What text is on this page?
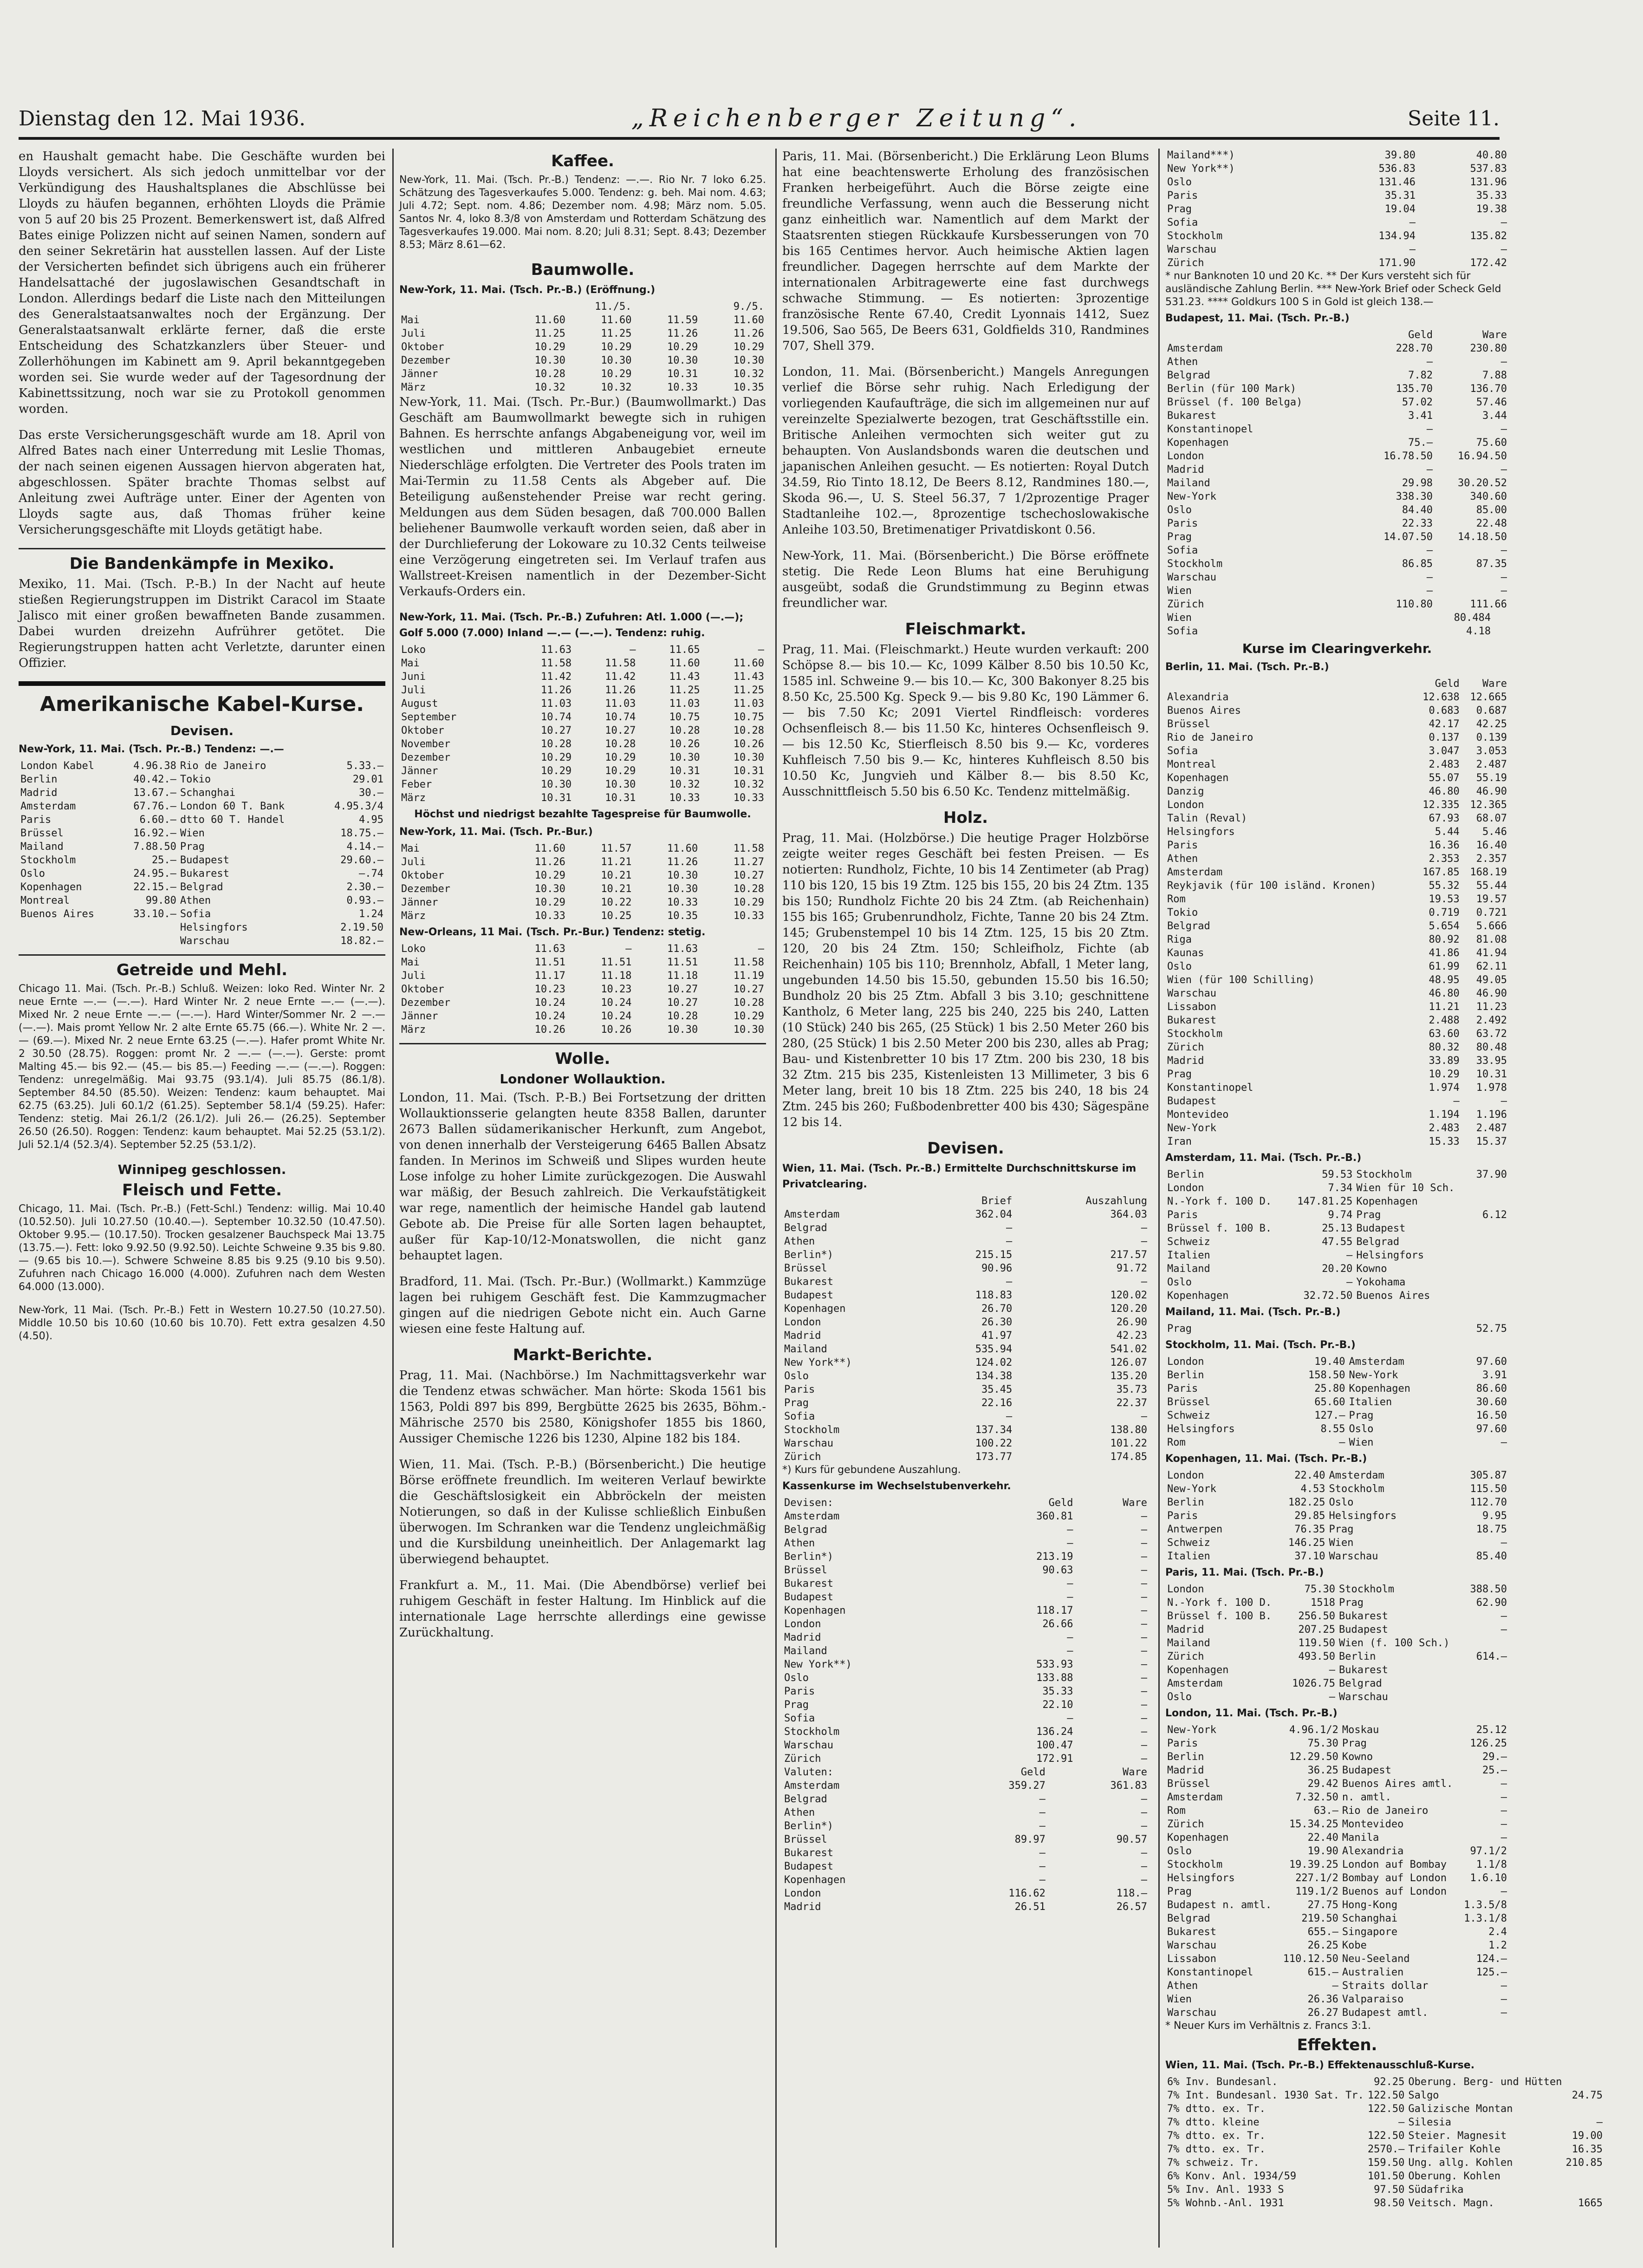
Dienstag den 12. Mai 1936.	„Reichenberger Zeitung“.	Seite 11.
en Haushalt gemacht habe. Die Geschäfte wurden bei Lloyds versichert. Als sich jedoch unmittelbar vor der Verkündigung des Haushaltsplanes die Abschlüsse bei Lloyds zu häufen begannen, erhöhten Lloyds die Prämie von 5 auf 20 bis 25 Prozent. Bemerkenswert ist, daß Alfred Bates einige Polizzen nicht auf seinen Namen, sondern auf den seiner Sekretärin hat ausstellen lassen. Auf der Liste der Versicherten befindet sich übrigens auch ein früherer Handelsattaché der jugoslawischen Gesandtschaft in London. Allerdings bedarf die Liste nach den Mitteilungen des Generalstaatsanwaltes noch der Ergänzung. Der Generalstaatsanwalt erklärte ferner, daß die erste Entscheidung des Schatzkanzlers über Steuer- und Zollerhöhungen im Kabinett am 9. April bekanntgegeben worden sei. Sie wurde weder auf der Tagesordnung der Kabinettssitzung, noch war sie zu Protokoll genommen worden.
Das erste Versicherungsgeschäft wurde am 18. April von Alfred Bates nach einer Unterredung mit Leslie Thomas, der nach seinen eigenen Aussagen hiervon abgeraten hat, abgeschlossen. Später brachte Thomas selbst auf Anleitung zwei Aufträge unter. Einer der Agenten von Lloyds sagte aus, daß Thomas früher keine Versicherungsgeschäfte mit Lloyds getätigt habe.
Die Bandenkämpfe in Mexiko.
Mexiko, 11. Mai. (Tsch. P.-B.) In der Nacht auf heute stießen Regierungstruppen im Distrikt Caracol im Staate Jalisco mit einer großen bewaffneten Bande zusammen. Dabei wurden dreizehn Aufrührer getötet. Die Regierungstruppen hatten acht Verletzte, darunter einen Offizier.
Amerikanische Kabel-Kurse.
Devisen.
New-York, 11. Mai. (Tsch. Pr.-B.) Tendenz: —.—
London Kabel	4.96.38	Rio de Janeiro	5.33.—
Berlin	40.42.—	Tokio	29.01
Madrid	13.67.—	Schanghai	30.—
Amsterdam	67.76.—	London 60 T. Bank	4.95.3/4
Paris	6.60.—	dtto 60 T. Handel	4.95
Brüssel	16.92.—	Wien	18.75.—
Mailand	7.88.50	Prag	4.14.—
Stockholm	25.—	Budapest	29.60.—
Oslo	24.95.—	Bukarest	—.74
Kopenhagen	22.15.—	Belgrad	2.30.—
Montreal	99.80	Athen	0.93.—
Buenos Aires	33.10.—	Sofia	1.24
		Helsingfors	2.19.50
		Warschau	18.82.—
Getreide und Mehl.
Chicago 11. Mai. (Tsch. Pr.-B.) Schluß. Weizen: loko Red. Winter Nr. 2 neue Ernte —.— (—.—). Hard Winter Nr. 2 neue Ernte —.— (—.—). Mixed Nr. 2 neue Ernte —.— (—.—). Hard Winter/Sommer Nr. 2 —.— (—.—). Mais promt Yellow Nr. 2 alte Ernte 65.75 (66.—). White Nr. 2 —.— (69.—). Mixed Nr. 2 neue Ernte 63.25 (—.—). Hafer promt White Nr. 2 30.50 (28.75). Roggen: promt Nr. 2 —.— (—.—). Gerste: promt Malting 45.— bis 92.— (45.— bis 85.—) Feeding —.— (—.—). Roggen: Tendenz: unregelmäßig. Mai 93.75 (93.1/4). Juli 85.75 (86.1/8). September 84.50 (85.50). Weizen: Tendenz: kaum behauptet. Mai 62.75 (63.25). Juli 60.1/2 (61.25). September 58.1/4 (59.25). Hafer: Tendenz: stetig. Mai 26.1/2 (26.1/2). Juli 26.— (26.25). September 26.50 (26.50). Roggen: Tendenz: kaum behauptet. Mai 52.25 (53.1/2). Juli 52.1/4 (52.3/4). September 52.25 (53.1/2).
Winnipeg geschlossen.
Fleisch und Fette.
Chicago, 11. Mai. (Tsch. Pr.-B.) (Fett-Schl.) Tendenz: willig. Mai 10.40 (10.52.50). Juli 10.27.50 (10.40.—). September 10.32.50 (10.47.50). Oktober 9.95.— (10.17.50). Trocken gesalzener Bauchspeck Mai 13.75 (13.75.—). Fett: loko 9.92.50 (9.92.50). Leichte Schweine 9.35 bis 9.80.— (9.65 bis 10.—). Schwere Schweine 8.85 bis 9.25 (9.10 bis 9.50). Zufuhren nach Chicago 16.000 (4.000). Zufuhren nach dem Westen 64.000 (13.000).
New-York, 11 Mai. (Tsch. Pr.-B.) Fett in Western 10.27.50 (10.27.50). Middle 10.50 bis 10.60 (10.60 bis 10.70). Fett extra gesalzen 4.50 (4.50).
Kaffee.
New-York, 11. Mai. (Tsch. Pr.-B.) Tendenz: —.—. Rio Nr. 7 loko 6.25. Schätzung des Tagesverkaufes 5.000. Tendenz: g. beh. Mai nom. 4.63; Juli 4.72; Sept. nom. 4.86; Dezember nom. 4.98; März nom. 5.05. Santos Nr. 4, loko 8.3/8 von Amsterdam und Rotterdam Schätzung des Tagesverkaufes 19.000. Mai nom. 8.20; Juli 8.31; Sept. 8.43; Dezember 8.53; März 8.61—62.
Baumwolle.
New-York, 11. Mai. (Tsch. Pr.-B.) (Eröffnung.)
	11./5.		9./5.	
Mai	11.60	11.60	11.59	11.60
Juli	11.25	11.25	11.26	11.26
Oktober	10.29	10.29	10.29	10.29
Dezember	10.30	10.30	10.30	10.30
Jänner	10.28	10.29	10.31	10.32
März	10.32	10.32	10.33	10.35
New-York, 11. Mai. (Tsch. Pr.-Bur.) (Baumwollmarkt.) Das Geschäft am Baumwollmarkt bewegte sich in ruhigen Bahnen. Es herrschte anfangs Abgabeneigung vor, weil im westlichen und mittleren Anbaugebiet erneute Niederschläge erfolgten. Die Vertreter des Pools traten im Mai-Termin zu 11.58 Cents als Abgeber auf. Die Beteiligung außenstehender Preise war recht gering. Meldungen aus dem Süden besagen, daß 700.000 Ballen beliehener Baumwolle verkauft worden seien, daß aber in der Durchlieferung der Lokoware zu 10.32 Cents teilweise eine Verzögerung eingetreten sei. Im Verlauf trafen aus Wallstreet-Kreisen namentlich in der Dezember-Sicht Verkaufs-Orders ein.
New-York, 11. Mai. (Tsch. Pr.-B.) Zufuhren: Atl. 1.000 (—.—); Golf 5.000 (7.000) Inland —.— (—.—). Tendenz: ruhig.
Loko	11.63	—	11.65	—
Mai	11.58	11.58	11.60	11.60
Juni	11.42	11.42	11.43	11.43
Juli	11.26	11.26	11.25	11.25
August	11.03	11.03	11.03	11.03
September	10.74	10.74	10.75	10.75
Oktober	10.27	10.27	10.28	10.28
November	10.28	10.28	10.26	10.26
Dezember	10.29	10.29	10.30	10.30
Jänner	10.29	10.29	10.31	10.31
Feber	10.30	10.30	10.32	10.32
März	10.31	10.31	10.33	10.33
Höchst und niedrigst bezahlte Tagespreise für Baumwolle.
New-York, 11. Mai. (Tsch. Pr.-Bur.)
Mai	11.60	11.57	11.60	11.58
Juli	11.26	11.21	11.26	11.27
Oktober	10.29	10.21	10.30	10.27
Dezember	10.30	10.21	10.30	10.28
Jänner	10.29	10.22	10.33	10.29
März	10.33	10.25	10.35	10.33
New-Orleans, 11 Mai. (Tsch. Pr.-Bur.) Tendenz: stetig.
Loko	11.63	—	11.63	—
Mai	11.51	11.51	11.51	11.58
Juli	11.17	11.18	11.18	11.19
Oktober	10.23	10.23	10.27	10.27
Dezember	10.24	10.24	10.27	10.28
Jänner	10.24	10.24	10.28	10.29
März	10.26	10.26	10.30	10.30
Wolle.
Londoner Wollauktion.
London, 11. Mai. (Tsch. P.-B.) Bei Fortsetzung der dritten Wollauktionsserie gelangten heute 8358 Ballen, darunter 2673 Ballen südamerikanischer Herkunft, zum Angebot, von denen innerhalb der Versteigerung 6465 Ballen Absatz fanden. In Merinos im Schweiß und Slipes wurden heute Lose infolge zu hoher Limite zurückgezogen. Die Auswahl war mäßig, der Besuch zahlreich. Die Verkaufstätigkeit war rege, namentlich der heimische Handel gab lautend Gebote ab. Die Preise für alle Sorten lagen behauptet, außer für Kap-10/12-Monatswollen, die nicht ganz behauptet lagen.
Bradford, 11. Mai. (Tsch. Pr.-Bur.) (Wollmarkt.) Kammzüge lagen bei ruhigem Geschäft fest. Die Kammzugmacher gingen auf die niedrigen Gebote nicht ein. Auch Garne wiesen eine feste Haltung auf.
Markt-Berichte.
Prag, 11. Mai. (Nachbörse.) Im Nachmittagsverkehr war die Tendenz etwas schwächer. Man hörte: Skoda 1561 bis 1563, Poldi 897 bis 899, Bergbütte 2625 bis 2635, Böhm.-Mährische 2570 bis 2580, Königshofer 1855 bis 1860, Aussiger Chemische 1226 bis 1230, Alpine 182 bis 184.
Wien, 11. Mai. (Tsch. P.-B.) (Börsenbericht.) Die heutige Börse eröffnete freundlich. Im weiteren Verlauf bewirkte die Geschäftslosigkeit ein Abbröckeln der meisten Notierungen, so daß in der Kulisse schließlich Einbußen überwogen. Im Schranken war die Tendenz ungleichmäßig und die Kursbildung uneinheitlich. Der Anlagemarkt lag überwiegend behauptet.
Frankfurt a. M., 11. Mai. (Die Abendbörse) verlief bei ruhigem Geschäft in fester Haltung. Im Hinblick auf die internationale Lage herrschte allerdings eine gewisse Zurückhaltung.
Paris, 11. Mai. (Börsenbericht.) Die Erklärung Leon Blums hat eine beachtenswerte Erholung des französischen Franken herbeigeführt. Auch die Börse zeigte eine freundliche Verfassung, wenn auch die Besserung nicht ganz einheitlich war. Namentlich auf dem Markt der Staatsrenten stiegen Rückkaufe Kursbesserungen von 70 bis 165 Centimes hervor. Auch heimische Aktien lagen freundlicher. Dagegen herrschte auf dem Markte der internationalen Arbitragewerte eine fast durchwegs schwache Stimmung. — Es notierten: 3prozentige französische Rente 67.40, Credit Lyonnais 1412, Suez 19.506, Sao 565, De Beers 631, Goldfields 310, Randmines 707, Shell 379.
London, 11. Mai. (Börsenbericht.) Mangels Anregungen verlief die Börse sehr ruhig. Nach Erledigung der vorliegenden Kaufaufträge, die sich im allgemeinen nur auf vereinzelte Spezialwerte bezogen, trat Geschäftsstille ein. Britische Anleihen vermochten sich weiter gut zu behaupten. Von Auslandsbonds waren die deutschen und japanischen Anleihen gesucht. — Es notierten: Royal Dutch 34.59, Rio Tinto 18.12, De Beers 8.12, Randmines 180.—, Skoda 96.—, U. S. Steel 56.37, 7 1/2prozentige Prager Stadtanleihe 102.—, 8prozentige tschechoslowakische Anleihe 103.50, Bretimenatiger Privatdiskont 0.56.
New-York, 11. Mai. (Börsenbericht.) Die Börse eröffnete stetig. Die Rede Leon Blums hat eine Beruhigung ausgeübt, sodaß die Grundstimmung zu Beginn etwas freundlicher war.
Fleischmarkt.
Prag, 11. Mai. (Fleischmarkt.) Heute wurden verkauft: 200 Schöpse 8.— bis 10.— Kc, 1099 Kälber 8.50 bis 10.50 Kc, 1585 inl. Schweine 9.— bis 10.— Kc, 300 Bakonyer 8.25 bis 8.50 Kc, 25.500 Kg. Speck 9.— bis 9.80 Kc, 190 Lämmer 6.— bis 7.50 Kc; 2091 Viertel Rindfleisch: vorderes Ochsenfleisch 8.— bis 11.50 Kc, hinteres Ochsenfleisch 9.— bis 12.50 Kc, Stierfleisch 8.50 bis 9.— Kc, vorderes Kuhfleisch 7.50 bis 9.— Kc, hinteres Kuhfleisch 8.50 bis 10.50 Kc, Jungvieh und Kälber 8.— bis 8.50 Kc, Ausschnittfleisch 5.50 bis 6.50 Kc. Tendenz mittelmäßig.
Holz.
Prag, 11. Mai. (Holzbörse.) Die heutige Prager Holzbörse zeigte weiter reges Geschäft bei festen Preisen. — Es notierten: Rundholz, Fichte, 10 bis 14 Zentimeter (ab Prag) 110 bis 120, 15 bis 19 Ztm. 125 bis 155, 20 bis 24 Ztm. 135 bis 150; Rundholz Fichte 20 bis 24 Ztm. (ab Reichenhain) 155 bis 165; Grubenrundholz, Fichte, Tanne 20 bis 24 Ztm. 145; Grubenstempel 10 bis 14 Ztm. 125, 15 bis 20 Ztm. 120, 20 bis 24 Ztm. 150; Schleifholz, Fichte (ab Reichenhain) 105 bis 110; Brennholz, Abfall, 1 Meter lang, ungebunden 14.50 bis 15.50, gebunden 15.50 bis 16.50; Bundholz 20 bis 25 Ztm. Abfall 3 bis 3.10; geschnittene Kantholz, 6 Meter lang, 225 bis 240, 225 bis 240, Latten (10 Stück) 240 bis 265, (25 Stück) 1 bis 2.50 Meter 260 bis 280, (25 Stück) 1 bis 2.50 Meter 200 bis 230, alles ab Prag; Bau- und Kistenbretter 10 bis 17 Ztm. 200 bis 230, 18 bis 32 Ztm. 215 bis 235, Kistenleisten 13 Millimeter, 3 bis 6 Meter lang, breit 10 bis 18 Ztm. 225 bis 240, 18 bis 24 Ztm. 245 bis 260; Fußbodenbretter 400 bis 430; Sägespäne 12 bis 14.
Devisen.
Wien, 11. Mai. (Tsch. Pr.-B.) Ermittelte Durchschnittskurse im Privatclearing.
	Brief	Auszahlung
Amsterdam	362.04	364.03
Belgrad	—	—
Athen	—	—
Berlin*)	215.15	217.57
Brüssel	90.96	91.72
Bukarest	—	—
Budapest	118.83	120.02
Kopenhagen	26.70	120.20
London	26.30	26.90
Madrid	41.97	42.23
Mailand	535.94	541.02
New York**)	124.02	126.07
Oslo	134.38	135.20
Paris	35.45	35.73
Prag	22.16	22.37
Sofia	—	—
Stockholm	137.34	138.80
Warschau	100.22	101.22
Zürich	173.77	174.85
*) Kurs für gebundene Auszahlung.
Kassenkurse im Wechselstubenverkehr.
Devisen:	Geld	Ware
Amsterdam	360.81	—
Belgrad	—	—
Athen	—	—
Berlin*)	213.19	—
Brüssel	90.63	—
Bukarest	—	—
Budapest	—	—
Kopenhagen	118.17	—
London	26.66	—
Madrid	—	—
Mailand	—	—
New York**)	533.93	—
Oslo	133.88	—
Paris	35.33	—
Prag	22.10	—
Sofia	—	—
Stockholm	136.24	—
Warschau	100.47	—
Zürich	172.91	—
Valuten:	Geld	Ware
Amsterdam	359.27	361.83
Belgrad	—	—
Athen	—	—
Berlin*)	—	—
Brüssel	89.97	90.57
Bukarest	—	—
Budapest	—	—
Kopenhagen	—	—
London	116.62	118.—
Madrid	26.51	26.57
Mailand***)	39.80	40.80
New York**)	536.83	537.83
Oslo	131.46	131.96
Paris	35.31	35.33
Prag	19.04	19.38
Sofia	—	—
Stockholm	134.94	135.82
Warschau	—	—
Zürich	171.90	172.42
* nur Banknoten 10 und 20 Kc. ** Der Kurs versteht sich für ausländische Zahlung Berlin. *** New-York Brief oder Scheck Geld 531.23. **** Goldkurs 100 S in Gold ist gleich 138.—
Budapest, 11. Mai. (Tsch. Pr.-B.)
	Geld	Ware
Amsterdam	228.70	230.80
Athen	—	—
Belgrad	7.82	7.88
Berlin (für 100 Mark)	135.70	136.70
Brüssel (f. 100 Belga)	57.02	57.46
Bukarest	3.41	3.44
Konstantinopel	—	—
Kopenhagen	75.—	75.60
London	16.78.50	16.94.50
Madrid	—	—
Mailand	29.98	30.20.52
New-York	338.30	340.60
Oslo	84.40	85.00
Paris	22.33	22.48
Prag	14.07.50	14.18.50
Sofia	—	—
Stockholm	86.85	87.35
Warschau	—	—
Wien	—	—
Zürich	110.80	111.66
Wien	80.484	
Sofia	4.18	
Kurse im Clearingverkehr.
Berlin, 11. Mai. (Tsch. Pr.-B.)
	Geld	Ware
Alexandria	12.638	12.665
Buenos Aires	0.683	0.687
Brüssel	42.17	42.25
Rio de Janeiro	0.137	0.139
Sofia	3.047	3.053
Montreal	2.483	2.487
Kopenhagen	55.07	55.19
Danzig	46.80	46.90
London	12.335	12.365
Talin (Reval)	67.93	68.07
Helsingfors	5.44	5.46
Paris	16.36	16.40
Athen	2.353	2.357
Amsterdam	167.85	168.19
Reykjavik (für 100 isländ. Kronen)	55.32	55.44
Rom	19.53	19.57
Tokio	0.719	0.721
Belgrad	5.654	5.666
Riga	80.92	81.08
Kaunas	41.86	41.94
Oslo	61.99	62.11
Wien (für 100 Schilling)	48.95	49.05
Warschau	46.80	46.90
Lissabon	11.21	11.23
Bukarest	2.488	2.492
Stockholm	63.60	63.72
Zürich	80.32	80.48
Madrid	33.89	33.95
Prag	10.29	10.31
Konstantinopel	1.974	1.978
Budapest	—	—
Montevideo	1.194	1.196
New-York	2.483	2.487
Iran	15.33	15.37
Amsterdam, 11. Mai. (Tsch. Pr.-B.)
Berlin	59.53	Stockholm	37.90
London	7.34	Wien für 10 Sch.	
N.-York f. 100 D.	147.81.25	Kopenhagen	
Paris	9.74	Prag	6.12
Brüssel f. 100 B.	25.13	Budapest	
Schweiz	47.55	Belgrad	
Italien	—	Helsingfors	
Mailand	20.20	Kowno	
Oslo	—	Yokohama	
Kopenhagen	32.72.50	Buenos Aires	
Mailand, 11. Mai. (Tsch. Pr.-B.)
Prag	52.75
Stockholm, 11. Mai. (Tsch. Pr.-B.)
London	19.40	Amsterdam	97.60
Berlin	158.50	New-York	3.91
Paris	25.80	Kopenhagen	86.60
Brüssel	65.60	Italien	30.60
Schweiz	127.—	Prag	16.50
Helsingfors	8.55	Oslo	97.60
Rom	—	Wien	—
Kopenhagen, 11. Mai. (Tsch. Pr.-B.)
London	22.40	Amsterdam	305.87
New-York	4.53	Stockholm	115.50
Berlin	182.25	Oslo	112.70
Paris	29.85	Helsingfors	9.95
Antwerpen	76.35	Prag	18.75
Schweiz	146.25	Wien	—
Italien	37.10	Warschau	85.40
Paris, 11. Mai. (Tsch. Pr.-B.)
London	75.30	Stockholm	388.50
N.-York f. 100 D.	1518	Prag	62.90
Brüssel f. 100 B.	256.50	Bukarest	—
Madrid	207.25	Budapest	—
Mailand	119.50	Wien (f. 100 Sch.)	
Zürich	493.50	Berlin	614.—
Kopenhagen	—	Bukarest	
Amsterdam	1026.75	Belgrad	
Oslo	—	Warschau	
London, 11. Mai. (Tsch. Pr.-B.)
New-York	4.96.1/2	Moskau	25.12
Paris	75.30	Prag	126.25
Berlin	12.29.50	Kowno	29.—
Madrid	36.25	Budapest	25.—
Brüssel	29.42	Buenos Aires amtl.	—
Amsterdam	7.32.50	n. amtl.	—
Rom	63.—	Rio de Janeiro	—
Zürich	15.34.25	Montevideo	—
Kopenhagen	22.40	Manila	—
Oslo	19.90	Alexandria	97.1/2
Stockholm	19.39.25	London auf Bombay	1.1/8
Helsingfors	227.1/2	Bombay auf London	1.6.10
Prag	119.1/2	Buenos auf London	—
Budapest n. amtl.	27.75	Hong-Kong	1.3.5/8
Belgrad	219.50	Schanghai	1.3.1/8
Bukarest	655.—	Singapore	2.4
Warschau	26.25	Kobe	1.2
Lissabon	110.12.50	Neu-Seeland	124.—
Konstantinopel	615.—	Australien	125.—
Athen	—	Straits dollar	—
Wien	26.36	Valparaiso	—
Warschau	26.27	Budapest amtl.	—
* Neuer Kurs im Verhältnis z. Francs 3:1.
Effekten.
Wien, 11. Mai. (Tsch. Pr.-B.) Effektenausschluß-Kurse.
6% Inv. Bundesanl.	92.25	Oberung. Berg- und Hütten	
7% Int. Bundesanl. 1930 Sat. Tr.	122.50	Salgo	24.75
7% dtto. ex. Tr.	122.50	Galizische Montan	
7% dtto. kleine	—	Silesia	—
7% dtto. ex. Tr.	122.50	Steier. Magnesit	19.00
7% dtto. ex. Tr.	2570.—	Trifailer Kohle	16.35
7% schweiz. Tr.	159.50	Ung. allg. Kohlen	210.85
6% Konv. Anl. 1934/59	101.50	Oberung. Kohlen	
5% Inv. Anl. 1933 S	97.50	Südafrika	
5% Wohnb.-Anl. 1931	98.50	Veitsch. Magn.	1665
